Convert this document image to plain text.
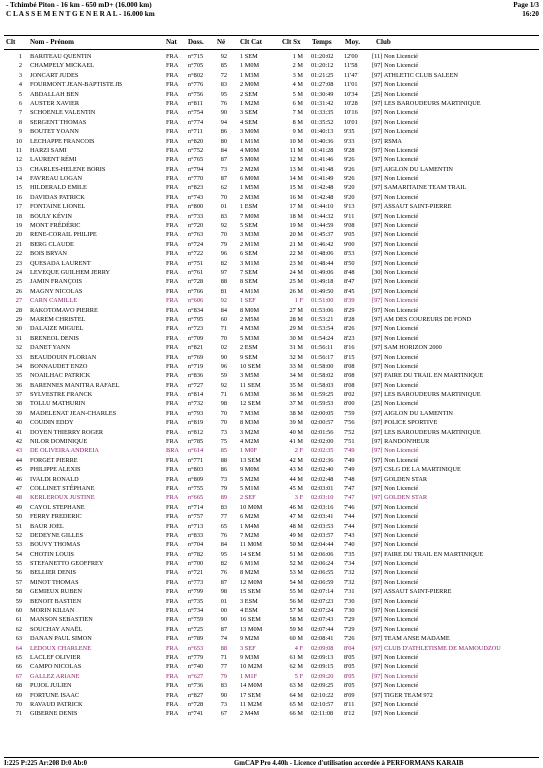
- Tchimbé Piton - 16 km - 650 mD+ (16.000 km)
C L A S S E M E N T G E N E R A L - 16.000 km
Page 1/3
16:20
Clt Nom - Prénom	Nat Doss. Né Clt Cat	Clt Sx Temps Moy. Club
1 BARITEAU QUENTIN	FRA n°715	92 1 SEM	1 M 01:20:02 12'00 [11] Non Licencié
2 CHAMPELY MICKAEL	FRA n°705	85 1 M0M	2 M 01:20:12 11'58 [97] Non Licencié
3 JONCART JUDES	FRA n°802	72 1 M3M	3 M 01:21:25 11'47 [97] ATHLETIC CLUB SALEEN
4 FOURMONT JEAN-BAPTISTE JB	FRA n°776	83 2 M0M	4 M 01:27:08 11'01 [97] Non Licencié
5 ABDALLAH BEN	FRA n°756	95 2 SEM	5 M 01:30:49 10'34 [25] Non Licencié
6 AUSTER XAVIER	FRA n°811	76 1 M2M	6 M 01:31:42 10'28 [97] LES BAROUDEURS MARTINIQUE
7 SCHOENLE VALENTIN	FRA n°754	90 3 SEM	7 M 01:33:35 10'16 [97] Non Licencié
8 SERGENT THOMAS	FRA n°774	94 4 SEM	8 M 01:35:52 10'01 [97] Non Licencié
9 BOUTET YOANN	FRA n°711	86 3 M0M	9 M 01:40:13 9'35	[97] Non Licencié
10 LECHAPPE FRANCOIS	FRA n°820	80 1 M1M	10 M 01:40:36 9'33	[97] RSMA
11 HARZI SAMI	FRA n°752	84 4 M0M	11 M 01:41:28 9'28	[97] Non Licencié
12 LAURENT RÉMI	FRA n°765	87 5 M0M	12 M 01:41:46 9'26	[97] Non Licencié
13 CHARLES-HELENE BORIS	FRA n°794	73 2 M2M	13 M 01:41:48 9'26	[97] AIGLON DU LAMENTIN
14 FAVREAU LOGAN	FRA n°770	87 6 M0M	14 M 01:41:49 9'26	[97] Non Licencié
15 HILDERALD EMILE	FRA n°823	62 1 M5M	15 M 01:42:48 9'20	[97] SAMARITAINE TEAM TRAIL
16 DAVIDAS PATRICK	FRA n°743	70 2 M3M	16 M 01:42:48 9'20	[97] Non Licencié
17 FONTAINE LIONEL	FRA n°800	01 1 ESM	17 M 01:44:10 9'13	[97] ASSAUT SAINT-PIERRE
18 BOULY KÉVIN	FRA n°733	83 7 M0M	18 M 01:44:32 9'11	[97] Non Licencié
19 MONT FRÉDÉRIC	FRA n°720	92 5 SEM	19 M 01:44:59 9'08	[97] Non Licencié
20 RENE-CORAIL PHILIPE	FRA n°763	70 3 M3M	20 M 01:45:37 9'05	[97] Non Licencié
21 BERG CLAUDE	FRA n°724	79 2 M1M	21 M 01:46:42 9'00	[97] Non Licencié
22 BOIS BRYAN	FRA n°722	96 6 SEM	22 M 01:48:06 8'53	[97] Non Licencié
23 QUESADA LAURENT	FRA n°751	82 3 M1M	23 M 01:48:44 8'50	[97] Non Licencié
24 LEVEQUE GUILHEM JERRY	FRA n°761	97 7 SEM	24 M 01:49:06 8'48	[30] Non Licencié
25 JAMIN FRANÇOIS	FRA n°728	88 8 SEM	25 M 01:49:18 8'47	[97] Non Licencié
26 MAGNY NICOLAS	FRA n°766	81 4 M1M	26 M 01:49:50 8'45	[97] Non Licencié
27 CARN CAMILLE	FRA n°606	92 1 SEF	1 F 01:51:00 8'39	[97] Non Licencié
28 RAKOTOMAVO PIERRE	FRA n°834	84 8 M0M	27 M 01:53:06 8'29	[97] Non Licencié
29 MAREM CHRISTEL	FRA n°795	60 2 M5M	28 M 01:53:21 8'28	[97] AM DES COUREURS DE FOND
30 DALAIZE MIGUEL	FRA n°723	71 4 M3M	29 M 01:53:54 8'26	[97] Non Licencié
31 BRENEOL DENIS	FRA n°709	70 5 M3M	30 M 01:54:24 8'23	[97] Non Licencié
32 DANET YANN	FRA n°821	02 2 ESM	31 M 01:56:11 8'16	[97] SAM HORIZON 2000
33 BEAUDOUIN FLORIAN	FRA n°769	90 9 SEM	32 M 01:56:17 8'15	[97] Non Licencié
34 BONNAUDET ENZO	FRA n°719	96 10 SEM	33 M 01:58:00 8'08	[97] Non Licencié
35 NOAILHAC PATRICK	FRA n°836	59 3 M5M	34 M 01:58:02 8'08	[97] FAIRE DU TRAIL EN MARTINIQUE
36 BARENNES MANITRA RAFAEL	FRA n°727	92 11 SEM	35 M 01:58:03 8'08	[97] Non Licencié
37 SYLVESTRE FRANCK	FRA n°814	71 6 M3M	36 M 01:59:25 8'02	[97] LES BAROUDEURS MARTINIQUE
38 TOLLU MATHURIN	FRA n°732	98 12 SEM	37 M 01:59:53 8'00	[25] Non Licencié
39 MADELENAT JEAN-CHARLES	FRA n°793	70 7 M3M	38 M 02:00:05 7'59	[97] AIGLON DU LAMENTIN
40 COUDIN EDDY	FRA n°819	70 8 M3M	39 M 02:00:57 7'56	[97] POLICE SPORTIVE
41 DOYEN THIERRY ROGER	FRA n°812	73 3 M2M	40 M 02:01:56 7'52	[97] LES BAROUDEURS MARTINIQUE
42 NILOR DOMINIQUE	FRA n°785	75 4 M2M	41 M 02:02:00 7'51	[97] RANDON'HEUR
43 DE OLIVEIRA ANDREIA	BRA n°614	85 1 M0F	2 F 02:02:35 7'49	[97] Non Licencié
44 FORGET PIERRE	FRA n°771	88 13 SEM	42 M 02:02:36 7'49	[97] Non Licencié
45 PHILIPPE ALEXIS	FRA n°803	86 9 M0M	43 M 02:02:40 7'49	[97] CSLG DE LA MARTINIQUE
46 IVALDI RONALD	FRA n°809	73 5 M2M	44 M 02:02:48 7'48	[97] GOLDEN STAR
47 COLLINET STÉPHANE	FRA n°755	79 5 M1M	45 M 02:03:01 7'47	[97] Non Licencié
48 KERLEROUX JUSTINE	FRA n°665	89 2 SEF	3 F 02:03:10 7'47	[97] GOLDEN STAR
49 CAYOL STEPHANE	FRA n°714	83 10 M0M	46 M 02:03:16 7'46	[97] Non Licencié
50 FERRY FREDERIC	FRA n°757	77 6 M2M	47 M 02:03:41 7'44	[97] Non Licencié
51 BAUR JOEL	FRA n°713	65 1 M4M	48 M 02:03:53 7'44	[97] Non Licencié
52 DEDEYNE GILLES	FRA n°833	76 7 M2M	49 M 02:03:57 7'43	[97] Non Licencié
53 BOUVY THOMAS	FRA n°704	84 11 M0M	50 M 02:04:44 7'40	[97] Non Licencié
54 CHOTIN LOUIS	FRA n°782	95 14 SEM	51 M 02:06:06 7'35	[97] FAIRE DU TRAIL EN MARTINIQUE
55 STEFANETTO GEOFFREY	FRA n°700	82 6 M1M	52 M 02:06:24 7'34	[97] Non Licencié
56 BELLIER DENIS	FRA n°721	76 8 M2M	53 M 02:06:55 7'32	[97] Non Licencié
57 MINOT THOMAS	FRA n°773	87 12 M0M	54 M 02:06:59 7'32	[97] Non Licencié
58 GEMIEUX RUBEN	FRA n°799	98 15 SEM	55 M 02:07:14 7'31	[97] ASSAUT SAINT-PIERRE
59 BENOIT BASTIEN	FRA n°735	01 3 ESM	56 M 02:07:23 7'30	[97] Non Licencié
60 MORIN KILIAN	FRA n°734	00 4 ESM	57 M 02:07:24 7'30	[97] Non Licencié
61 MANSON SEBASTIEN	FRA n°759	90 16 SEM	58 M 02:07:43 7'29	[97] Non Licencié
62 SOUCHAY ANAËL	FRA n°725	87 13 M0M	59 M 02:07:44 7'29	[97] Non Licencié
63 DANAN PAUL SIMON	FRA n°789	74 9 M2M	60 M 02:08:41 7'26	[97] TEAM ANSE MADAME
64 LEDOUX CHARLENE	FRA n°653	88 3 SEF	4 F 02:09:08 8'04	[97] CLUB D'ATHLETISME DE MAMOUDZOU
65 LACLEF OLIVIER	FRA n°779	71 9 M3M	61 M 02:09:13 8'05	[97] Non Licencié
66 CAMPO NICOLAS	FRA n°740	77 10 M2M	62 M 02:09:15 8'05	[97] Non Licencié
67 GALLEZ ARIANE	FRA n°627	79 1 M1F	5 F 02:09:20 8'05	[97] Non Licencié
68 PUJOL JULIEN	FRA n°736	83 14 M0M	63 M 02:09:25 8'05	[97] Non Licencié
69 FORTUNE ISAAC	FRA n°827	90 17 SEM	64 M 02:10:22 8'09	[97] TIGER TEAM 972
70 RAVAUD PATRICK	FRA n°728	73 11 M2M	65 M 02:10:57 8'11	[97] Non Licencié
71 GIBERNE DENIS	FRA n°741	67 2 M4M	66 M 02:11:08 8'12	[97] Non Licencié
I:225 P:225 Ar:208 D:0 Ab:0	GmCAP Pro 4.40h - Licence d'utilisation accordée à PERFORMANS KARAIB
